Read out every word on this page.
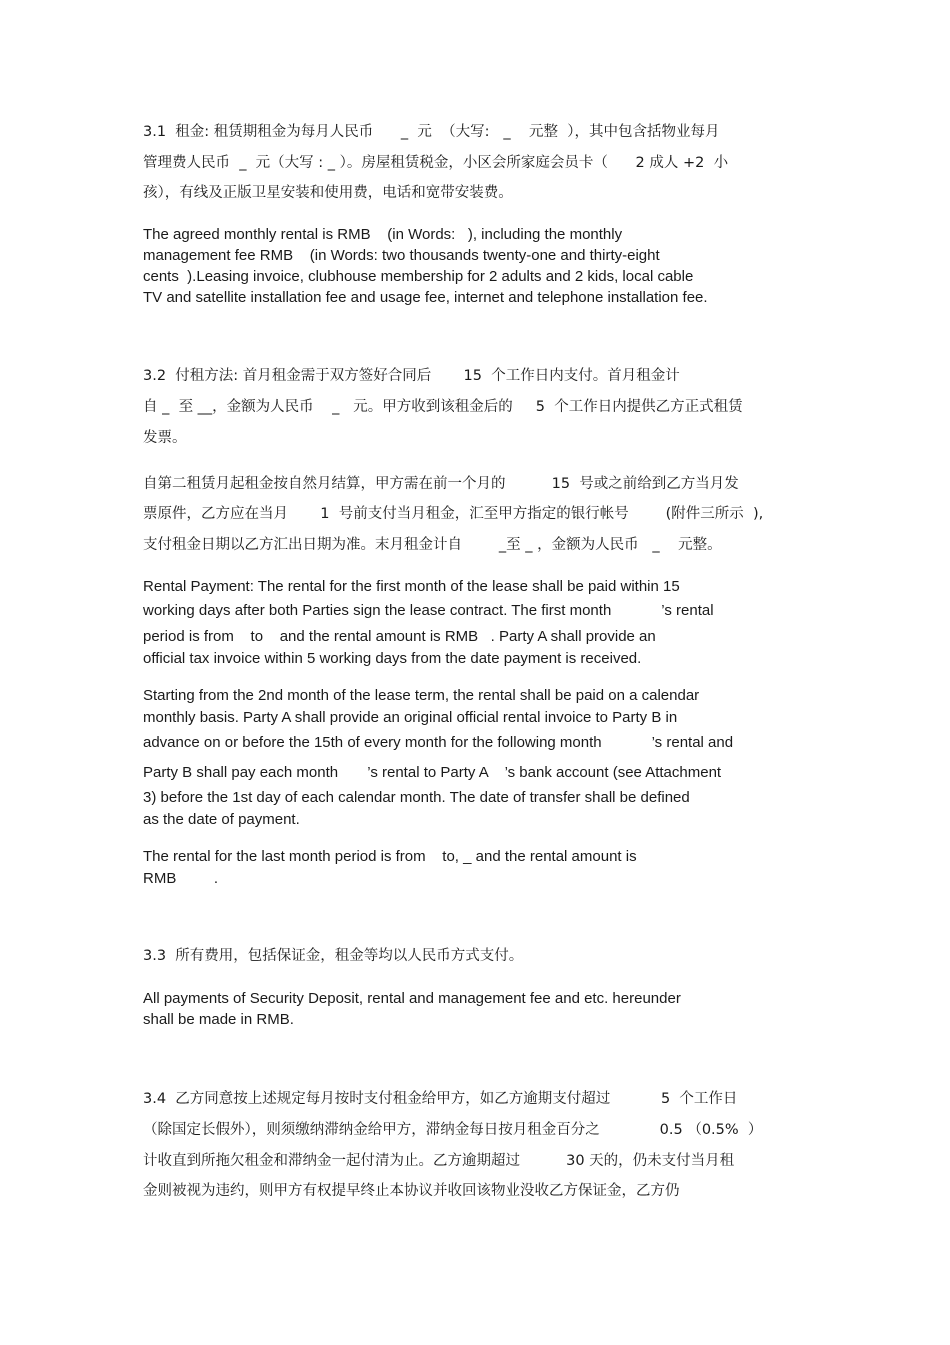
3.1  租金: 租赁期租金为每月人民币      _  元  （大写:   _    元整  ），其中包含括物业每月
管理费人民币  _  元（大写 : _ ）。房屋租赁税金，小区会所家庭会员卡（      2 成人 +2  小
孩），有线及正版卫星安装和使用费，电话和宽带安装费。
The agreed monthly rental is RMB    (in Words:   ), including the monthly
management fee RMB    (in Words: two thousands twenty-one and thirty-eight
cents  ).Leasing invoice, clubhouse membership for 2 adults and 2 kids, local cable
TV and satellite installation fee and usage fee, internet and telephone installation fee.
3.2  付租方法: 首月租金需于双方签好合同后       15  个工作日内支付。首月租金计
自 _  至 __，金额为人民币    _   元。甲方收到该租金后的     5  个工作日内提供乙方正式租赁
发票。
自第二租赁月起租金按自然月结算，甲方需在前一个月的          15  号或之前给到乙方当月发
票原件，乙方应在当月       1  号前支付当月租金，汇至甲方指定的银行帐号        (附件三所示  ),
支付租金日期以乙方汇出日期为准。末月租金计自        _至 _ ，金额为人民币   _    元整。
Rental Payment: The rental for the first month of the lease shall be paid within 15
working days after both Parties sign the lease contract. The first month            ’s rental
period is from    to    and the rental amount is RMB   . Party A shall provide an
official tax invoice within 5 working days from the date payment is received.
Starting from the 2nd month of the lease term, the rental shall be paid on a calendar
monthly basis. Party A shall provide an original official rental invoice to Party B in
advance on or before the 15th of every month for the following month            ’s rental and
Party B shall pay each month       ’s rental to Party A    ’s bank account (see Attachment
3) before the 1st day of each calendar month. The date of transfer shall be defined
as the date of payment.
The rental for the last month period is from    to, _ and the rental amount is
RMB         .
3.3  所有费用，包括保证金，租金等均以人民币方式支付。
All payments of Security Deposit, rental and management fee and etc. hereunder
shall be made in RMB.
3.4  乙方同意按上述规定每月按时支付租金给甲方，如乙方逾期支付超过           5  个工作日
（除国定长假外），则须缴纳滞纳金给甲方，滞纳金每日按月租金百分之             0.5 （0.5%  ）
计收直到所拖欠租金和滞纳金一起付清为止。乙方逾期超过          30 天的，仍未支付当月租
金则被视为违约，则甲方有权提早终止本协议并收回该物业没收乙方保证金，乙方仍
